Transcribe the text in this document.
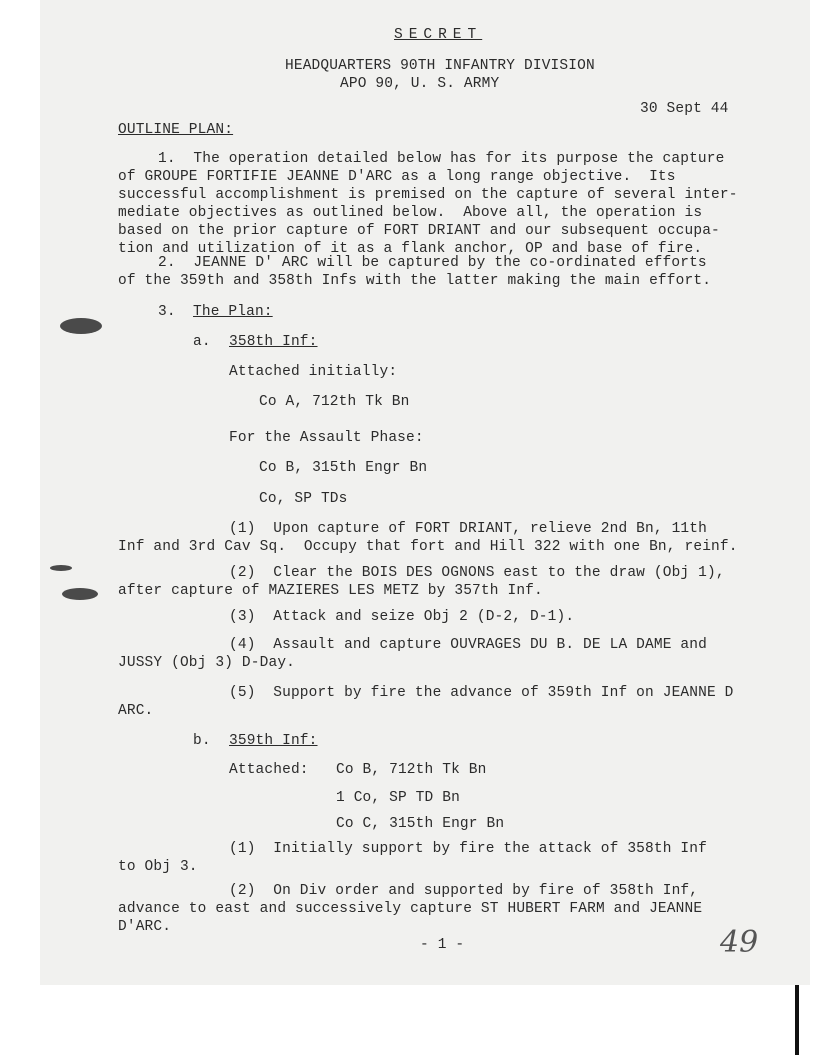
SECRET
HEADQUARTERS 90TH INFANTRY DIVISION
APO 90, U. S. ARMY
30 Sept 44
OUTLINE PLAN:
1.  The operation detailed below has for its purpose the capture
of GROUPE FORTIFIE JEANNE D'ARC as a long range objective.  Its
successful accomplishment is premised on the capture of several inter-
mediate objectives as outlined below.  Above all, the operation is
based on the prior capture of FORT DRIANT and our subsequent occupa-
tion and utilization of it as a flank anchor, OP and base of fire.
2.  JEANNE D' ARC will be captured by the co-ordinated efforts
of the 359th and 358th Infs with the latter making the main effort.
3. The Plan:
a. 358th Inf:
Attached initially:
Co A, 712th Tk Bn
For the Assault Phase:
Co B, 315th Engr Bn
Co, SP TDs
(1)  Upon capture of FORT DRIANT, relieve 2nd Bn, 11th
Inf and 3rd Cav Sq.  Occupy that fort and Hill 322 with one Bn, reinf.
(2)  Clear the BOIS DES OGNONS east to the draw (Obj 1),
after capture of MAZIERES LES METZ by 357th Inf.
(3)  Attack and seize Obj 2 (D-2, D-1).
(4)  Assault and capture OUVRAGES DU B. DE LA DAME and
JUSSY (Obj 3) D-Day.
(5)  Support by fire the advance of 359th Inf on JEANNE D
ARC.
b. 359th Inf:
Attached: Co B, 712th Tk Bn
1 Co, SP TD Bn
Co C, 315th Engr Bn
(1)  Initially support by fire the attack of 358th Inf
to Obj 3.
(2)  On Div order and supported by fire of 358th Inf,
advance to east and successively capture ST HUBERT FARM and JEANNE
D'ARC.
- 1 -	49
